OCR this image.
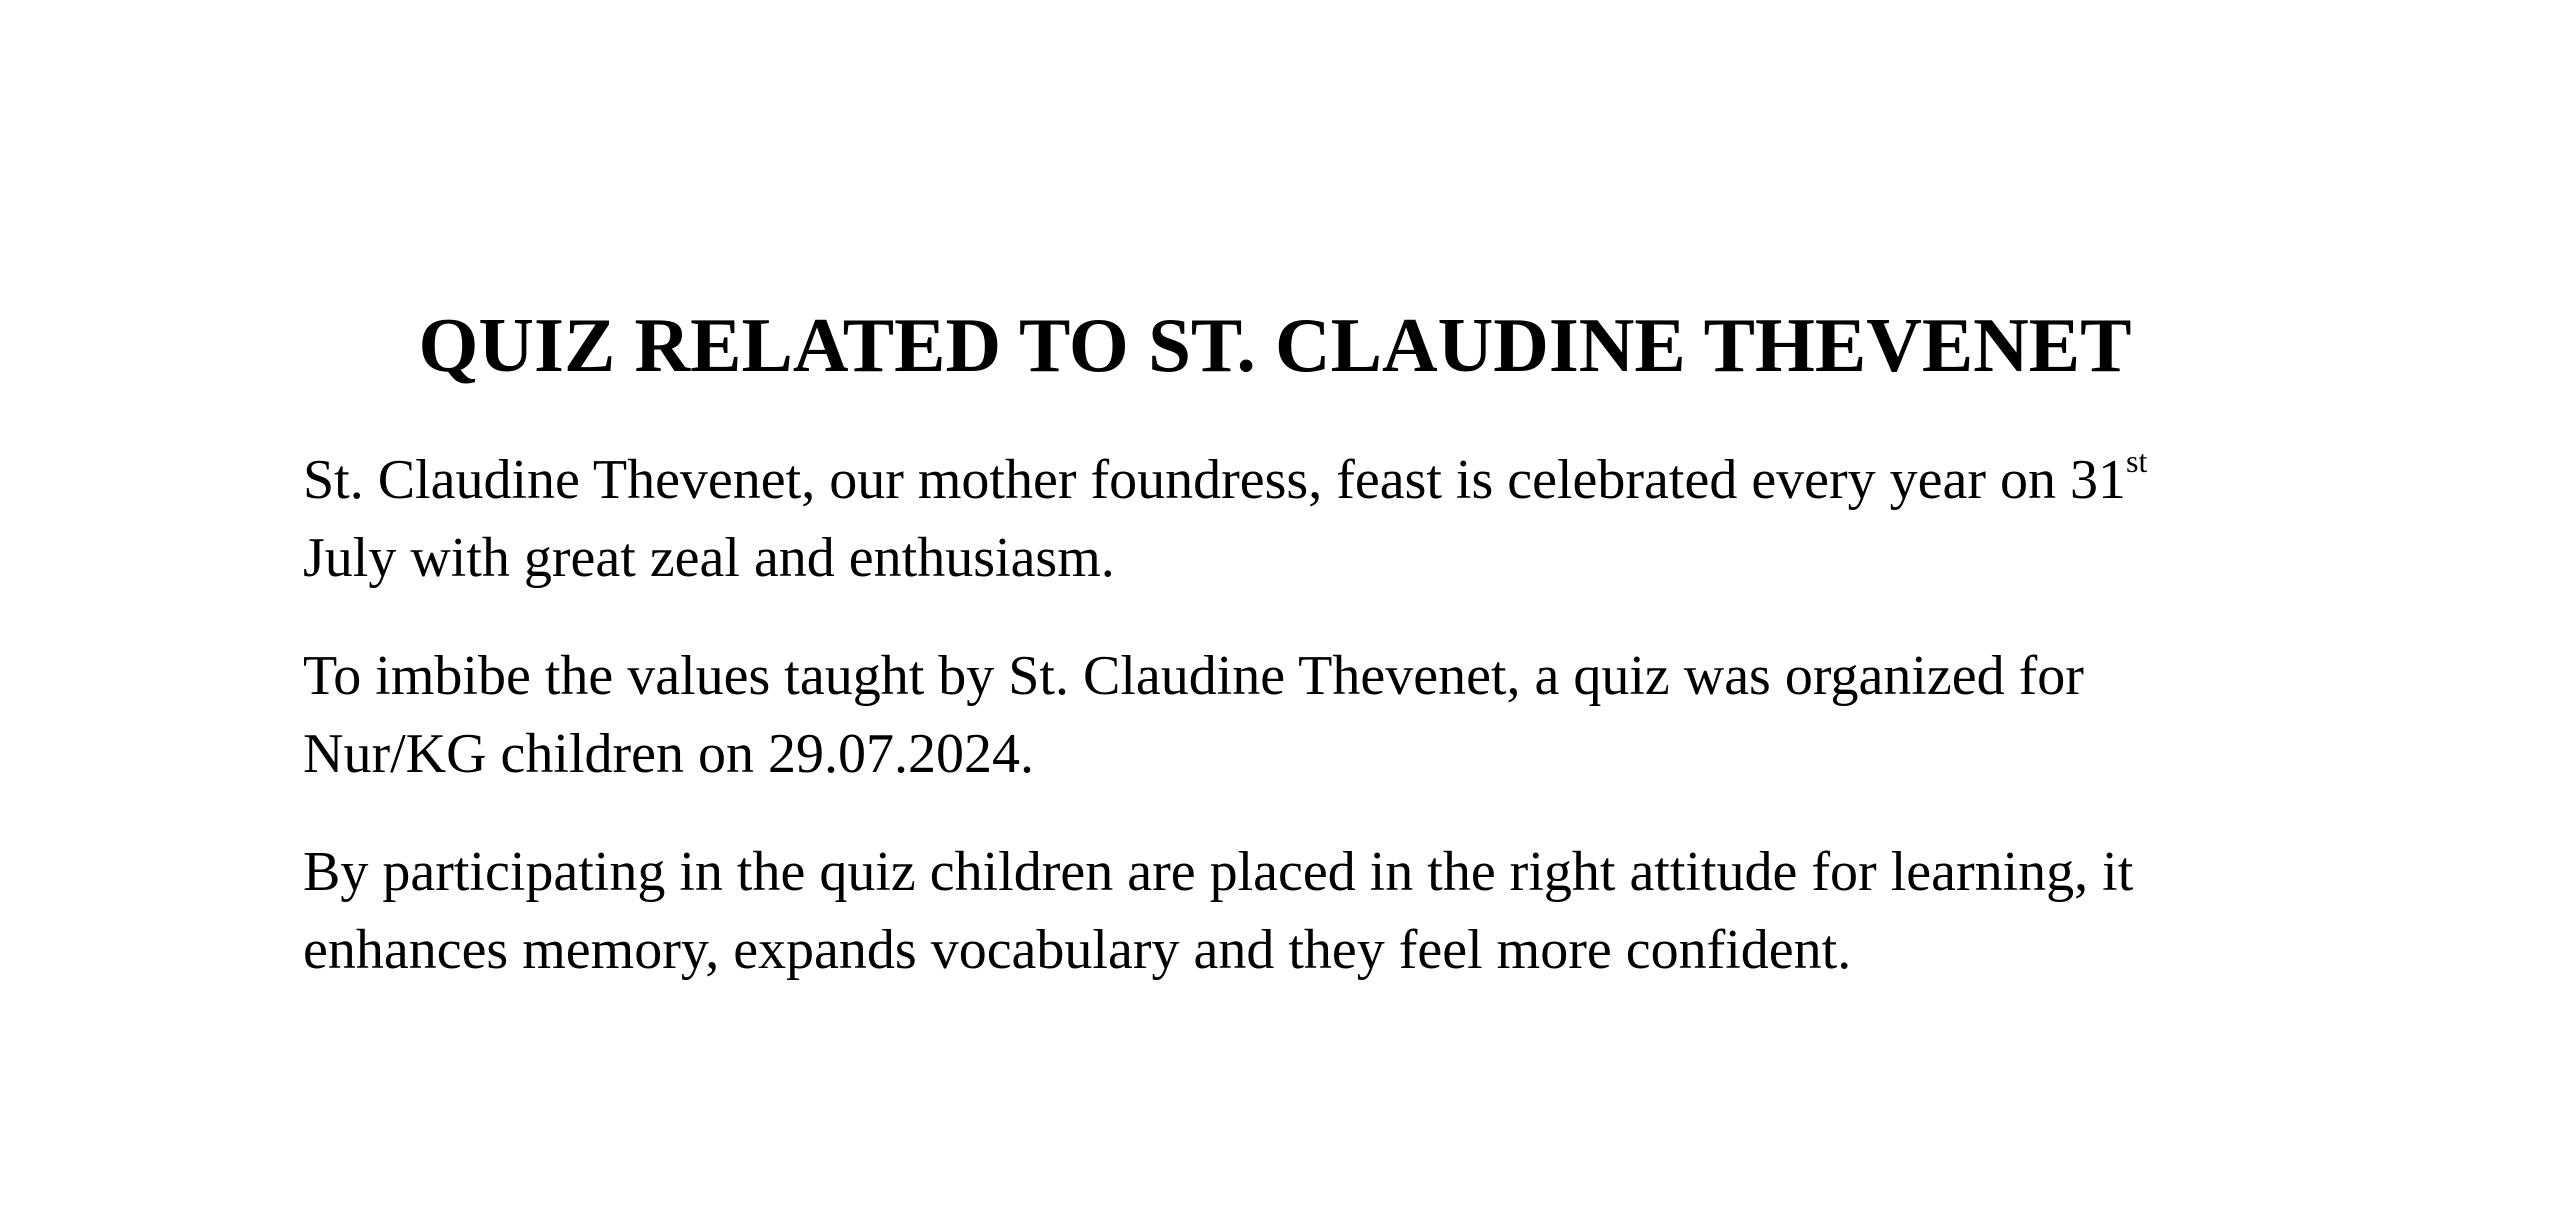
QUIZ RELATED TO ST. CLAUDINE THEVENET

St. Claudine Thevenet, our mother foundress, feast is celebrated every year on 31st
July with great zeal and enthusiasm.

To imbibe the values taught by St. Claudine Thevenet, a quiz was organized for
Nur/KG children on 29.07.2024.

By participating in the quiz children are placed in the right attitude for learning, it
enhances memory, expands vocabulary and they feel more confident.
